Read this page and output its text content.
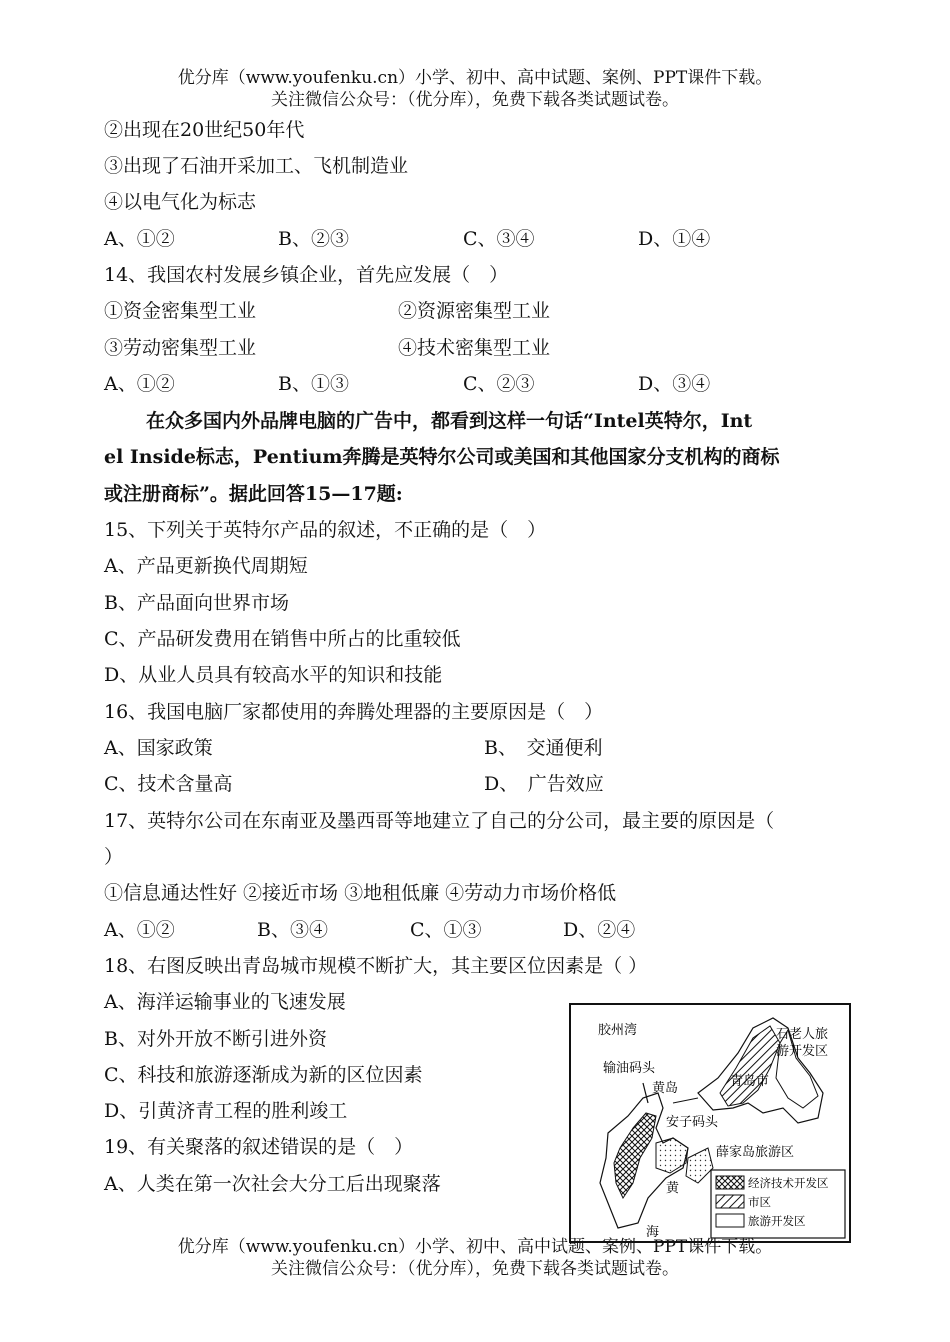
优分库（www.youfenku.cn）小学、初中、高中试题、案例、PPT课件下载。
关注微信公众号：（优分库），免费下载各类试题试卷。
②出现在20世纪50年代
③出现了石油开采加工、飞机制造业
④以电气化为标志
A、①②	B、②③	C、③④	D、①④
14、我国农村发展乡镇企业，首先应发展（　）
①资金密集型工业	②资源密集型工业
③劳动密集型工业	④技术密集型工业
A、①②	B、①③	C、②③	D、③④
在众多国内外品牌电脑的广告中，都看到这样一句话“Intel英特尔，Int
el Inside标志，Pentium奔腾是英特尔公司或美国和其他国家分支机构的商标
或注册商标”。据此回答15—17题:
15、下列关于英特尔产品的叙述，不正确的是（　）
A、产品更新换代周期短
B、产品面向世界市场
C、产品研发费用在销售中所占的比重较低
D、从业人员具有较高水平的知识和技能
16、我国电脑厂家都使用的奔腾处理器的主要原因是（　）
A、国家政策	B、　交通便利
C、技术含量高	D、　广告效应
17、英特尔公司在东南亚及墨西哥等地建立了自己的分公司，最主要的原因是（
）
①信息通达性好 ②接近市场 ③地租低廉 ④劳动力市场价格低
A、①②	B、③④	C、①③	D、②④
18、右图反映出青岛城市规模不断扩大，其主要区位因素是（ ）
A、海洋运输事业的飞速发展
B、对外开放不断引进外资
C、科技和旅游逐渐成为新的区位因素
D、引黄济青工程的胜利竣工
19、有关聚落的叙述错误的是（　）
A、人类在第一次社会大分工后出现聚落
胶州湾	石老人旅
游开发区
输油码头
黄岛	青岛市
安子码头
薛家岛旅游区
黄
海
经济技术开发区
市区
旅游开发区
优分库（www.youfenku.cn）小学、初中、高中试题、案例、PPT课件下载。
关注微信公众号：（优分库），免费下载各类试题试卷。
